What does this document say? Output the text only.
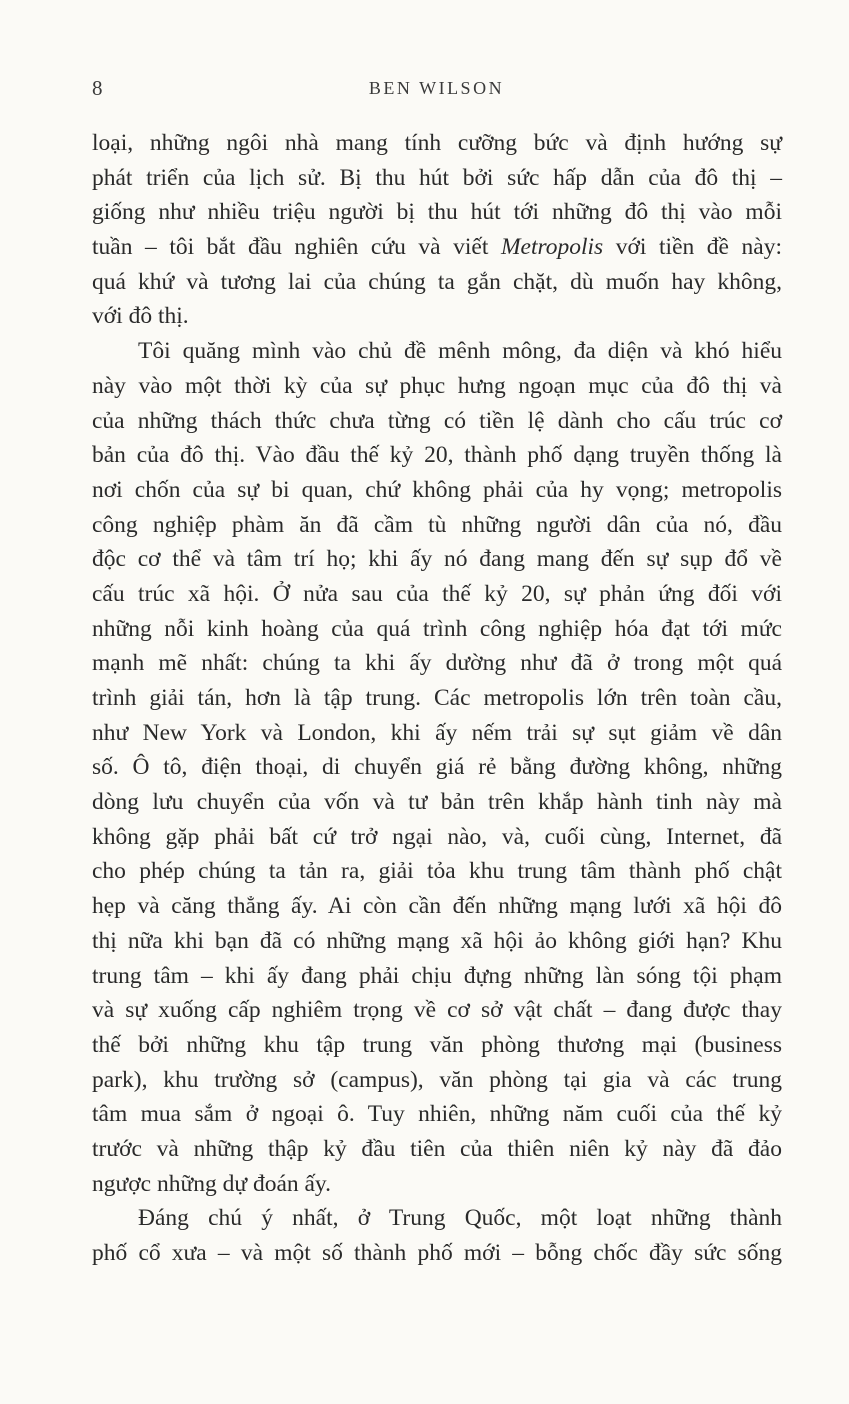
8	BEN WILSON
loại, những ngôi nhà mang tính cưỡng bức và định hướng sự
phát triển của lịch sử. Bị thu hút bởi sức hấp dẫn của đô thị –
giống như nhiều triệu người bị thu hút tới những đô thị vào mỗi
tuần – tôi bắt đầu nghiên cứu và viết Metropolis với tiền đề này:
quá khứ và tương lai của chúng ta gắn chặt, dù muốn hay không,
với đô thị.
Tôi quăng mình vào chủ đề mênh mông, đa diện và khó hiểu
này vào một thời kỳ của sự phục hưng ngoạn mục của đô thị và
của những thách thức chưa từng có tiền lệ dành cho cấu trúc cơ
bản của đô thị. Vào đầu thế kỷ 20, thành phố dạng truyền thống là
nơi chốn của sự bi quan, chứ không phải của hy vọng; metropolis
công nghiệp phàm ăn đã cầm tù những người dân của nó, đầu
độc cơ thể và tâm trí họ; khi ấy nó đang mang đến sự sụp đổ về
cấu trúc xã hội. Ở nửa sau của thế kỷ 20, sự phản ứng đối với
những nỗi kinh hoàng của quá trình công nghiệp hóa đạt tới mức
mạnh mẽ nhất: chúng ta khi ấy dường như đã ở trong một quá
trình giải tán, hơn là tập trung. Các metropolis lớn trên toàn cầu,
như New York và London, khi ấy nếm trải sự sụt giảm về dân
số. Ô tô, điện thoại, di chuyển giá rẻ bằng đường không, những
dòng lưu chuyển của vốn và tư bản trên khắp hành tinh này mà
không gặp phải bất cứ trở ngại nào, và, cuối cùng, Internet, đã
cho phép chúng ta tản ra, giải tỏa khu trung tâm thành phố chật
hẹp và căng thẳng ấy. Ai còn cần đến những mạng lưới xã hội đô
thị nữa khi bạn đã có những mạng xã hội ảo không giới hạn? Khu
trung tâm – khi ấy đang phải chịu đựng những làn sóng tội phạm
và sự xuống cấp nghiêm trọng về cơ sở vật chất – đang được thay
thế bởi những khu tập trung văn phòng thương mại (business
park), khu trường sở (campus), văn phòng tại gia và các trung
tâm mua sắm ở ngoại ô. Tuy nhiên, những năm cuối của thế kỷ
trước và những thập kỷ đầu tiên của thiên niên kỷ này đã đảo
ngược những dự đoán ấy.
Đáng chú ý nhất, ở Trung Quốc, một loạt những thành
phố cổ xưa – và một số thành phố mới – bỗng chốc đầy sức sống
